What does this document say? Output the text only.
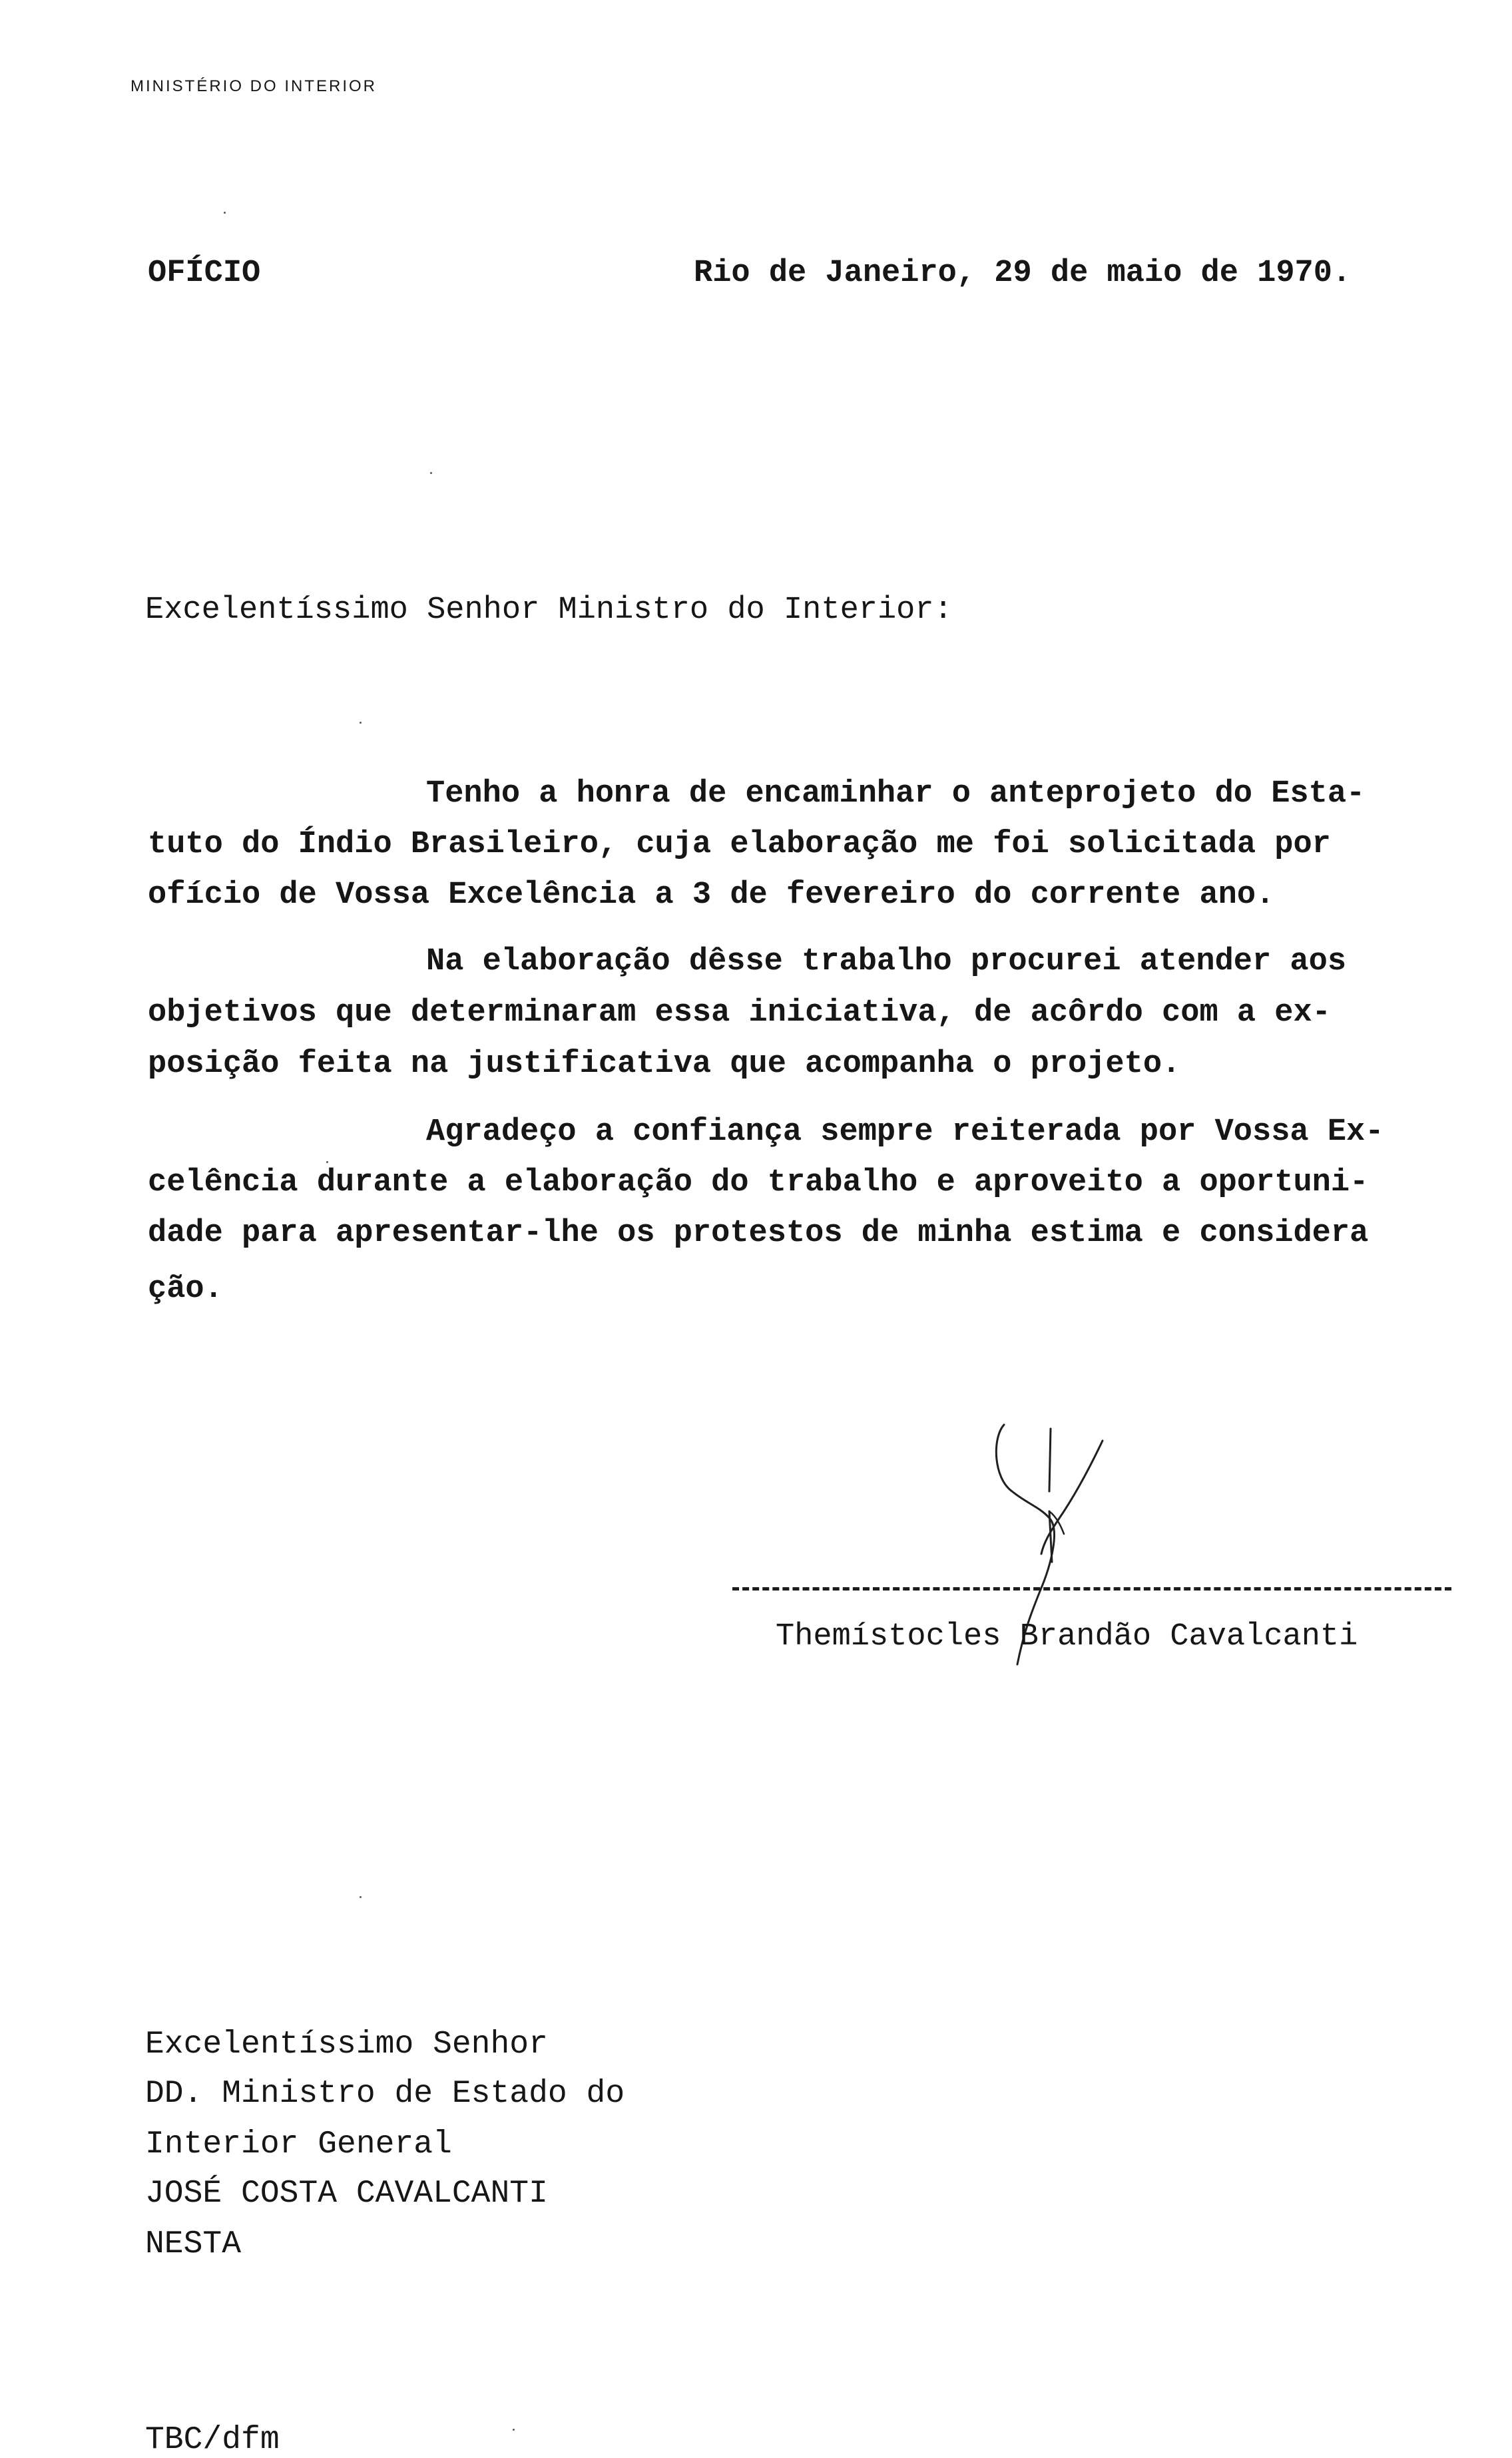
MINISTÉRIO DO INTERIOR
OFÍCIO	Rio de Janeiro, 29 de maio de 1970.
Excelentíssimo Senhor Ministro do Interior:
Tenho a honra de encaminhar o anteprojeto do Esta-
tuto do Índio Brasileiro, cuja elaboração me foi solicitada por
ofício de Vossa Excelência a 3 de fevereiro do corrente ano.
Na elaboração dêsse trabalho procurei atender aos
objetivos que determinaram essa iniciativa, de acôrdo com a ex-
posição feita na justificativa que acompanha o projeto.
Agradeço a confiança sempre reiterada por Vossa Ex-
celência durante a elaboração do trabalho e aproveito a oportuni-
dade para apresentar-lhe os protestos de minha estima e considera
ção.
Themístocles Brandão Cavalcanti
Excelentíssimo Senhor
DD. Ministro de Estado do
Interior General
JOSÉ COSTA CAVALCANTI
NESTA
TBC/dfm
